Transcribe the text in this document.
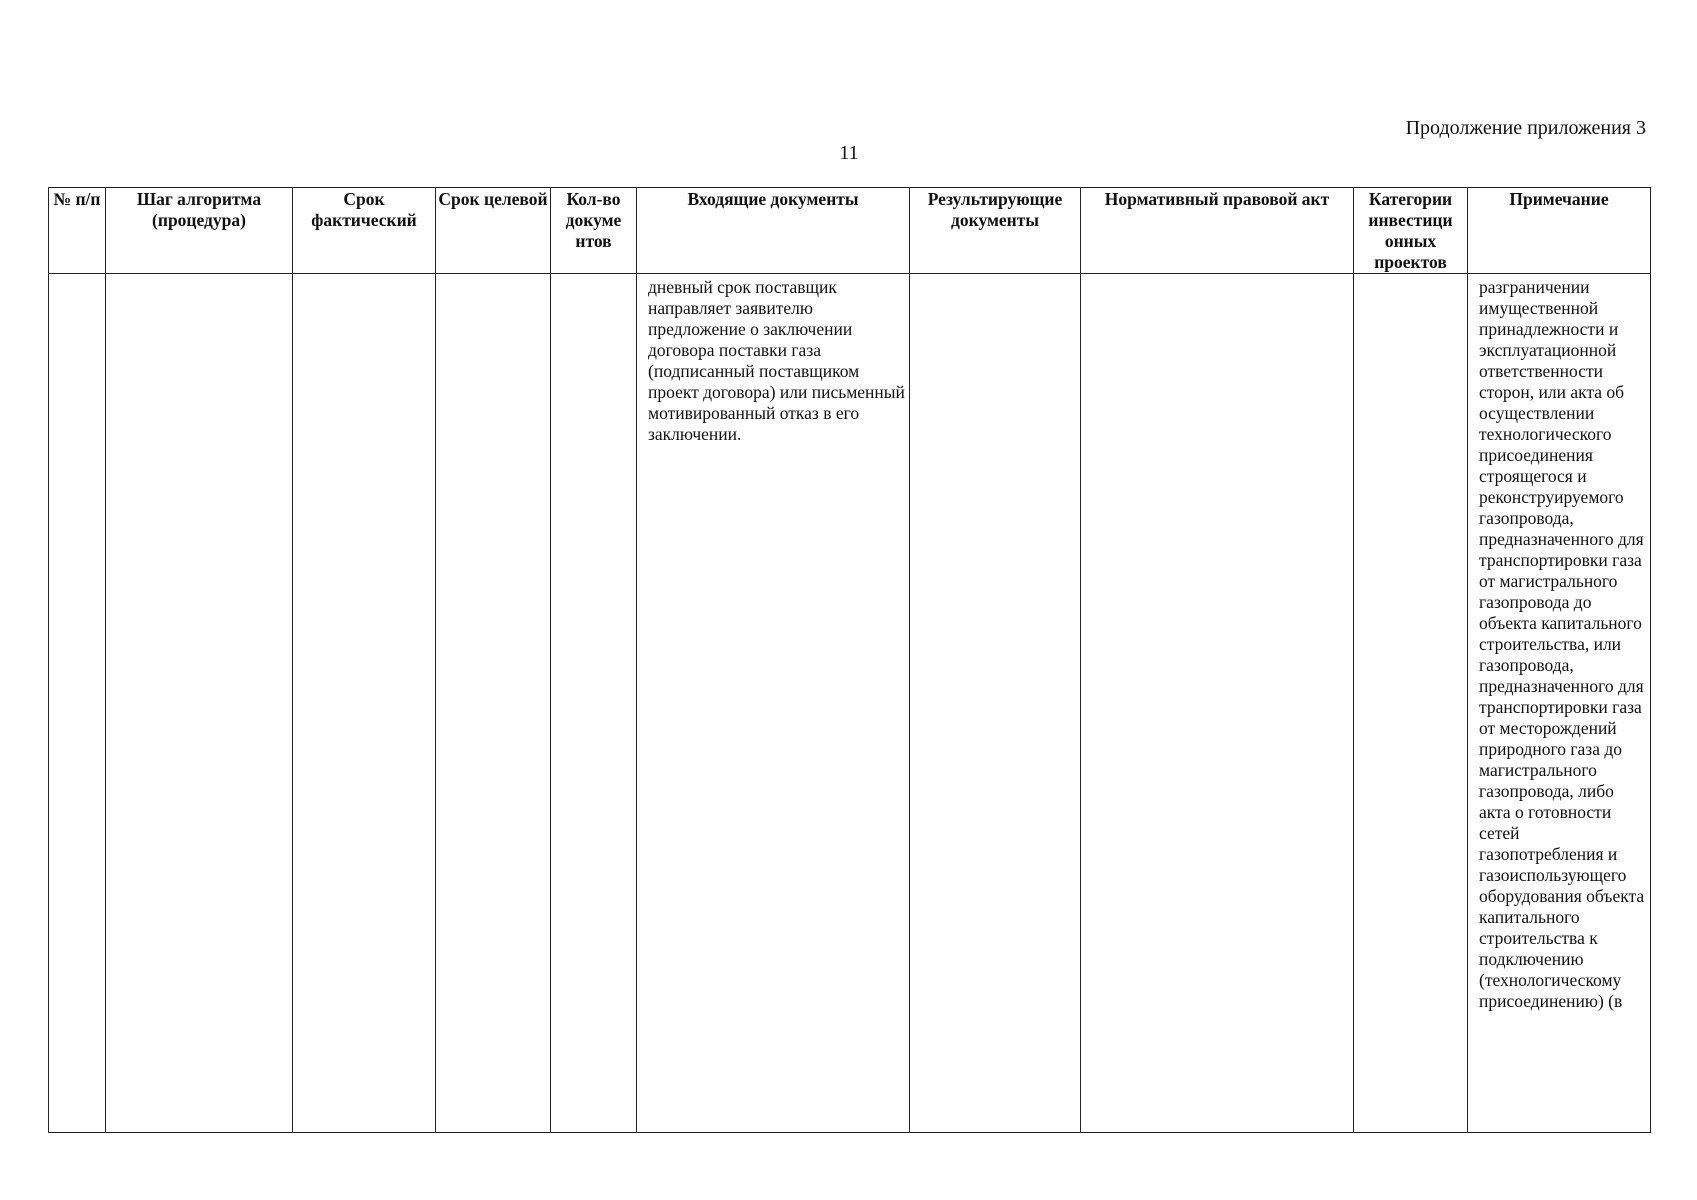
Продолжение приложения 3
11
№ п/п	Шаг алгоритма (процедура)	Срок фактический	Срок целевой	Кол-во докуме нтов	Входящие документы	Результирующие документы	Нормативный правовой акт	Категории инвестици онных проектов	Примечание

					дневный срок поставщик направляет заявителю предложение о заключении договора поставки газа (подписанный поставщиком проект договора) или письменный мотивированный отказ в его заключении.				разграничении имущественной принадлежности и эксплуатационной ответственности сторон, или акта об осуществлении технологического присоединения строящегося и реконструируемого газопровода, предназначенного для транспортировки газа от магистрального газопровода до объекта капитального строительства, или газопровода, предназначенного для транспортировки газа от месторождений природного газа до магистрального газопровода, либо акта о готовности сетей газопотребления и газоиспользующего оборудования объекта капитального строительства к подключению (технологическому присоединению) (в
